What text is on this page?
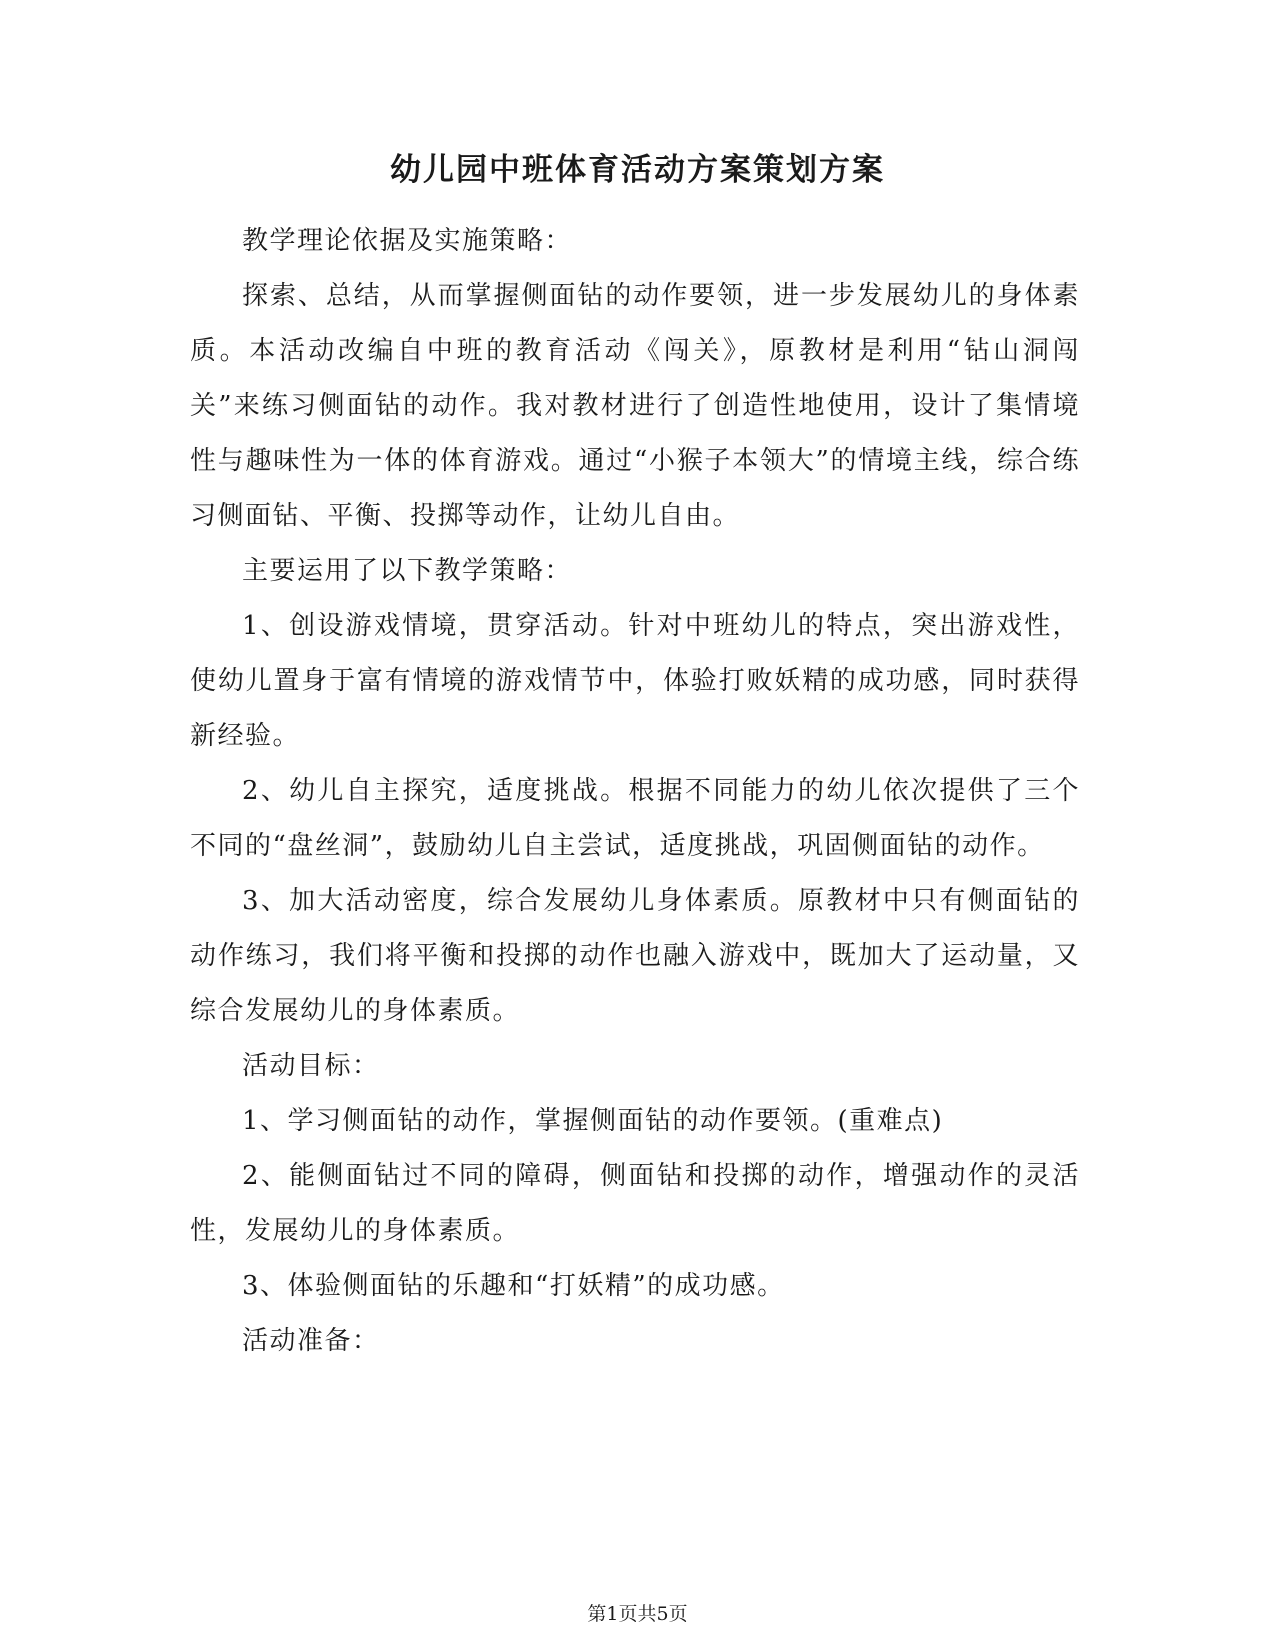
幼儿园中班体育活动方案策划方案

教学理论依据及实施策略：

探索、总结，从而掌握侧面钻的动作要领，进一步发展幼儿的身体素质。本活动改编自中班的教育活动《闯关》，原教材是利用“钻山洞闯关”来练习侧面钻的动作。我对教材进行了创造性地使用，设计了集情境性与趣味性为一体的体育游戏。通过“小猴子本领大”的情境主线，综合练习侧面钻、平衡、投掷等动作，让幼儿自由。

主要运用了以下教学策略：

1、创设游戏情境，贯穿活动。针对中班幼儿的特点，突出游戏性，使幼儿置身于富有情境的游戏情节中，体验打败妖精的成功感，同时获得新经验。

2、幼儿自主探究，适度挑战。根据不同能力的幼儿依次提供了三个不同的“盘丝洞”，鼓励幼儿自主尝试，适度挑战，巩固侧面钻的动作。

3、加大活动密度，综合发展幼儿身体素质。原教材中只有侧面钻的动作练习，我们将平衡和投掷的动作也融入游戏中，既加大了运动量，又综合发展幼儿的身体素质。

活动目标：

1、学习侧面钻的动作，掌握侧面钻的动作要领。(重难点)

2、能侧面钻过不同的障碍，侧面钻和投掷的动作，增强动作的灵活性，发展幼儿的身体素质。

3、体验侧面钻的乐趣和“打妖精”的成功感。

活动准备：

第1页共5页
